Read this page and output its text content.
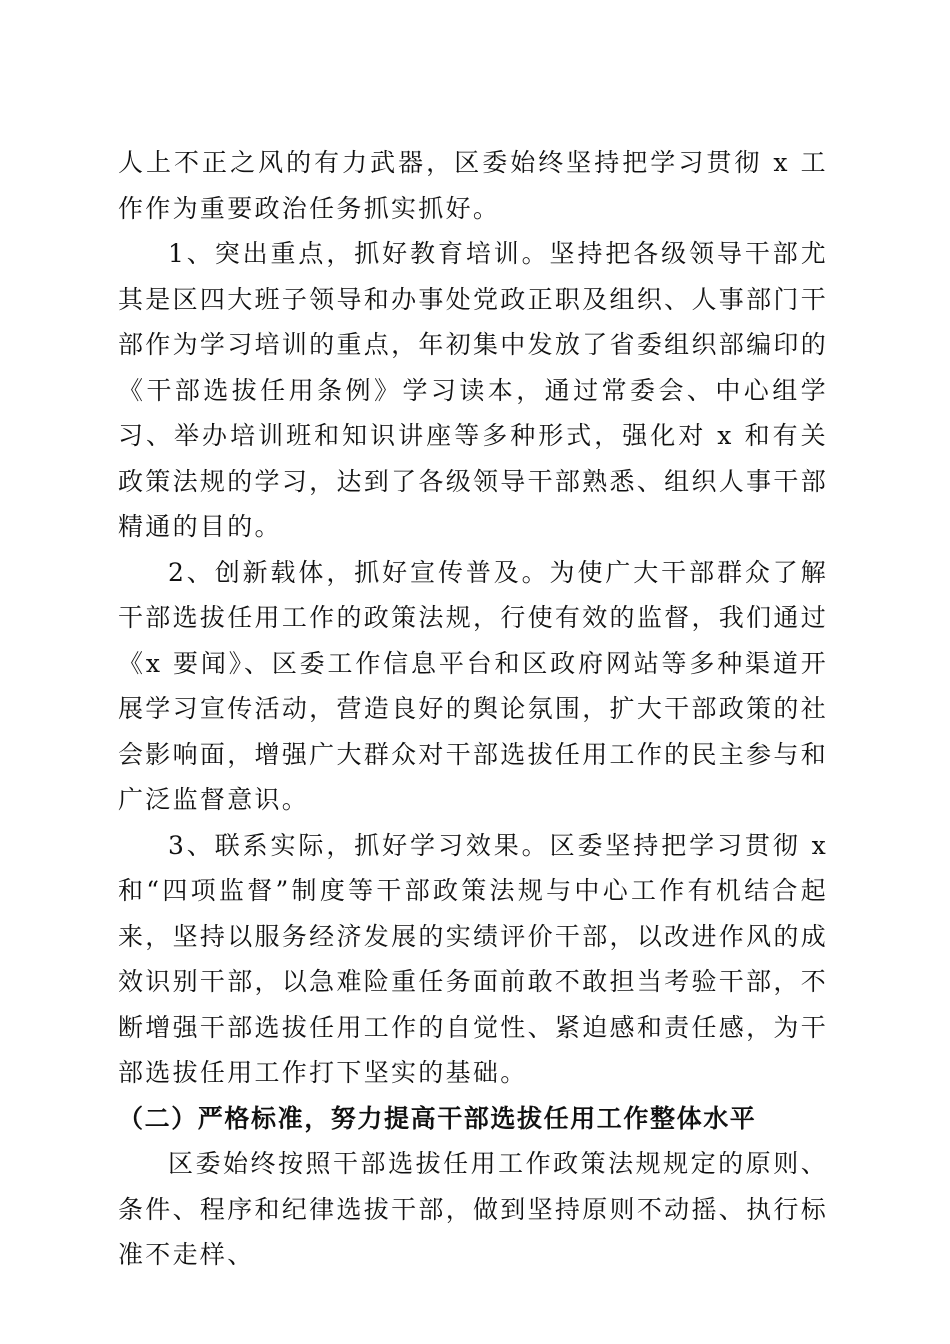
人上不正之风的有力武器，区委始终坚持把学习贯彻 x 工作作为重要政治任务抓实抓好。

1、突出重点，抓好教育培训。坚持把各级领导干部尤其是区四大班子领导和办事处党政正职及组织、人事部门干部作为学习培训的重点，年初集中发放了省委组织部编印的《干部选拔任用条例》学习读本，通过常委会、中心组学习、举办培训班和知识讲座等多种形式，强化对 x 和有关政策法规的学习，达到了各级领导干部熟悉、组织人事干部精通的目的。

2、创新载体，抓好宣传普及。为使广大干部群众了解干部选拔任用工作的政策法规，行使有效的监督，我们通过《x 要闻》、区委工作信息平台和区政府网站等多种渠道开展学习宣传活动，营造良好的舆论氛围，扩大干部政策的社会影响面，增强广大群众对干部选拔任用工作的民主参与和广泛监督意识。

3、联系实际，抓好学习效果。区委坚持把学习贯彻 x 和“四项监督”制度等干部政策法规与中心工作有机结合起来，坚持以服务经济发展的实绩评价干部，以改进作风的成效识别干部，以急难险重任务面前敢不敢担当考验干部，不断增强干部选拔任用工作的自觉性、紧迫感和责任感，为干部选拔任用工作打下坚实的基础。

（二）严格标准，努力提高干部选拔任用工作整体水平

区委始终按照干部选拔任用工作政策法规规定的原则、条件、程序和纪律选拔干部，做到坚持原则不动摇、执行标准不走样、
